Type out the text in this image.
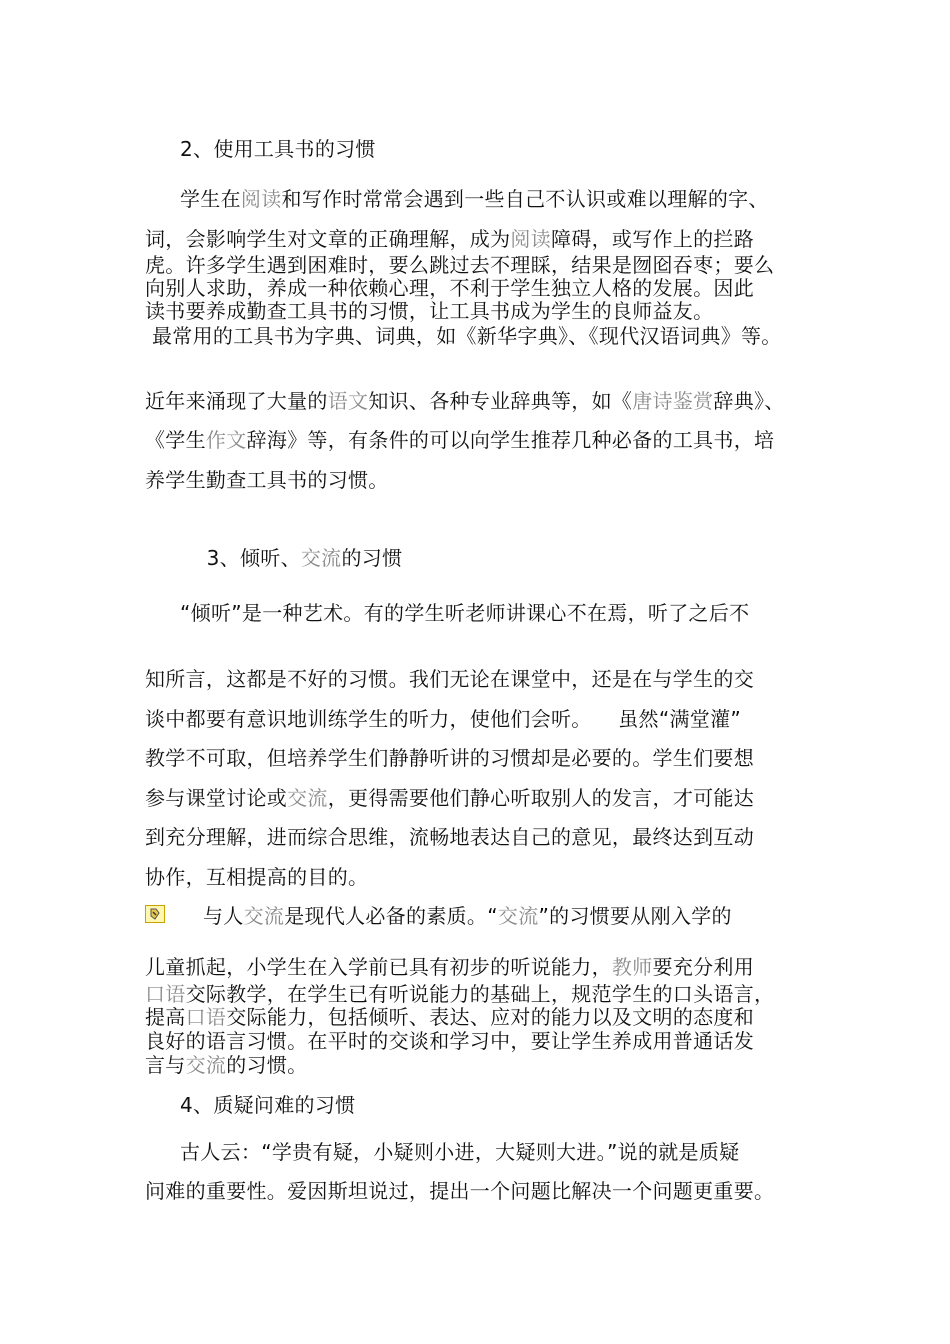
2、使用工具书的习惯

3、倾听、交流的习惯

4、质疑问难的习惯
学生在阅读和写作时常常会遇到一些自己不认识或难以理解的字、
词，会影响学生对文章的正确理解，成为阅读障碍，或写作上的拦路
虎。许多学生遇到困难时，要么跳过去不理睬，结果是囫囵吞枣；要么
向别人求助，养成一种依赖心理，不利于学生独立人格的发展。因此
读书要养成勤查工具书的习惯，让工具书成为学生的良师益友。
最常用的工具书为字典、词典，如《新华字典》、《现代汉语词典》等。
近年来涌现了大量的语文知识、各种专业辞典等，如《唐诗鉴赏辞典》、
《学生作文辞海》等，有条件的可以向学生推荐几种必备的工具书，培
养学生勤查工具书的习惯。
“倾听”是一种艺术。有的学生听老师讲课心不在焉，听了之后不
知所言，这都是不好的习惯。我们无论在课堂中，还是在与学生的交
谈中都要有意识地训练学生的听力，使他们会听。    虽然“满堂灌”
教学不可取，但培养学生们静静听讲的习惯却是必要的。学生们要想
参与课堂讨论或交流，更得需要他们静心听取别人的发言，才可能达
到充分理解，进而综合思维，流畅地表达自己的意见，最终达到互动
协作，互相提高的目的。
与人交流是现代人必备的素质。“交流”的习惯要从刚入学的
儿童抓起，小学生在入学前已具有初步的听说能力，教师要充分利用
口语交际教学，在学生已有听说能力的基础上，规范学生的口头语言，
提高口语交际能力，包括倾听、表达、应对的能力以及文明的态度和
良好的语言习惯。在平时的交谈和学习中，要让学生养成用普通话发
言与交流的习惯。
古人云：“学贵有疑，小疑则小进，大疑则大进。”说的就是质疑
问难的重要性。爱因斯坦说过，提出一个问题比解决一个问题更重要。
